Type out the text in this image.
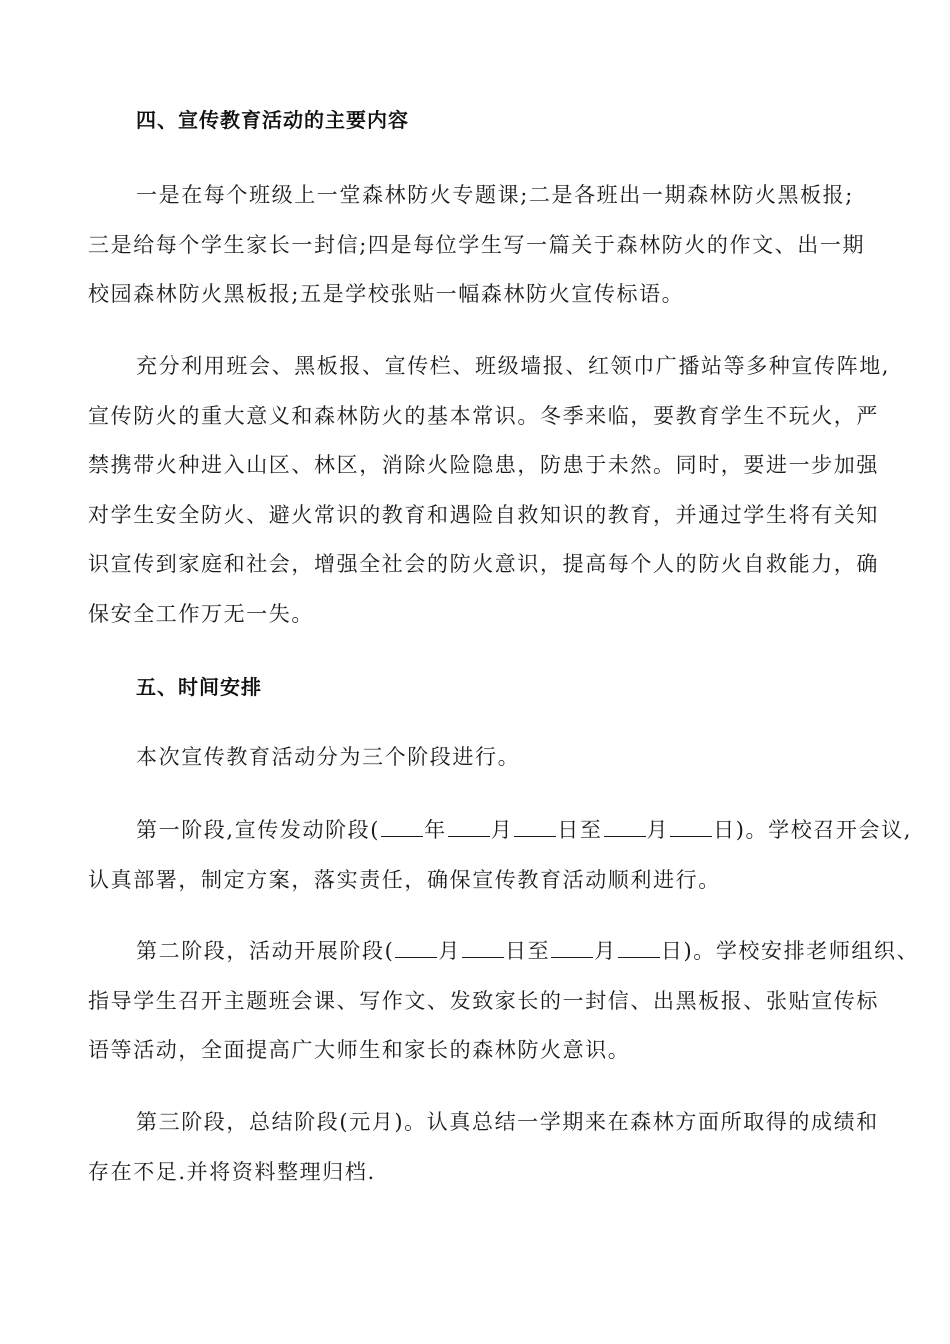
四、宣传教育活动的主要内容
一是在每个班级上一堂森林防火专题课;二是各班出一期森林防火黑板报;
三是给每个学生家长一封信;四是每位学生写一篇关于森林防火的作文、出一期
校园森林防火黑板报;五是学校张贴一幅森林防火宣传标语。
充分利用班会、黑板报、宣传栏、班级墙报、红领巾广播站等多种宣传阵地,
宣传防火的重大意义和森林防火的基本常识。冬季来临，要教育学生不玩火，严
禁携带火种进入山区、林区，消除火险隐患，防患于未然。同时，要进一步加强
对学生安全防火、避火常识的教育和遇险自救知识的教育，并通过学生将有关知
识宣传到家庭和社会，增强全社会的防火意识，提高每个人的防火自救能力，确
保安全工作万无一失。
五、时间安排
本次宣传教育活动分为三个阶段进行。
第一阶段,宣传发动阶段( 年 月 日至 月 日)。学校召开会议,
认真部署，制定方案，落实责任，确保宣传教育活动顺利进行。
第二阶段，活动开展阶段( 月 日至 月 日)。学校安排老师组织、
指导学生召开主题班会课、写作文、发致家长的一封信、出黑板报、张贴宣传标
语等活动，全面提高广大师生和家长的森林防火意识。
第三阶段，总结阶段(元月)。认真总结一学期来在森林方面所取得的成绩和
存在不足.并将资料整理归档.
